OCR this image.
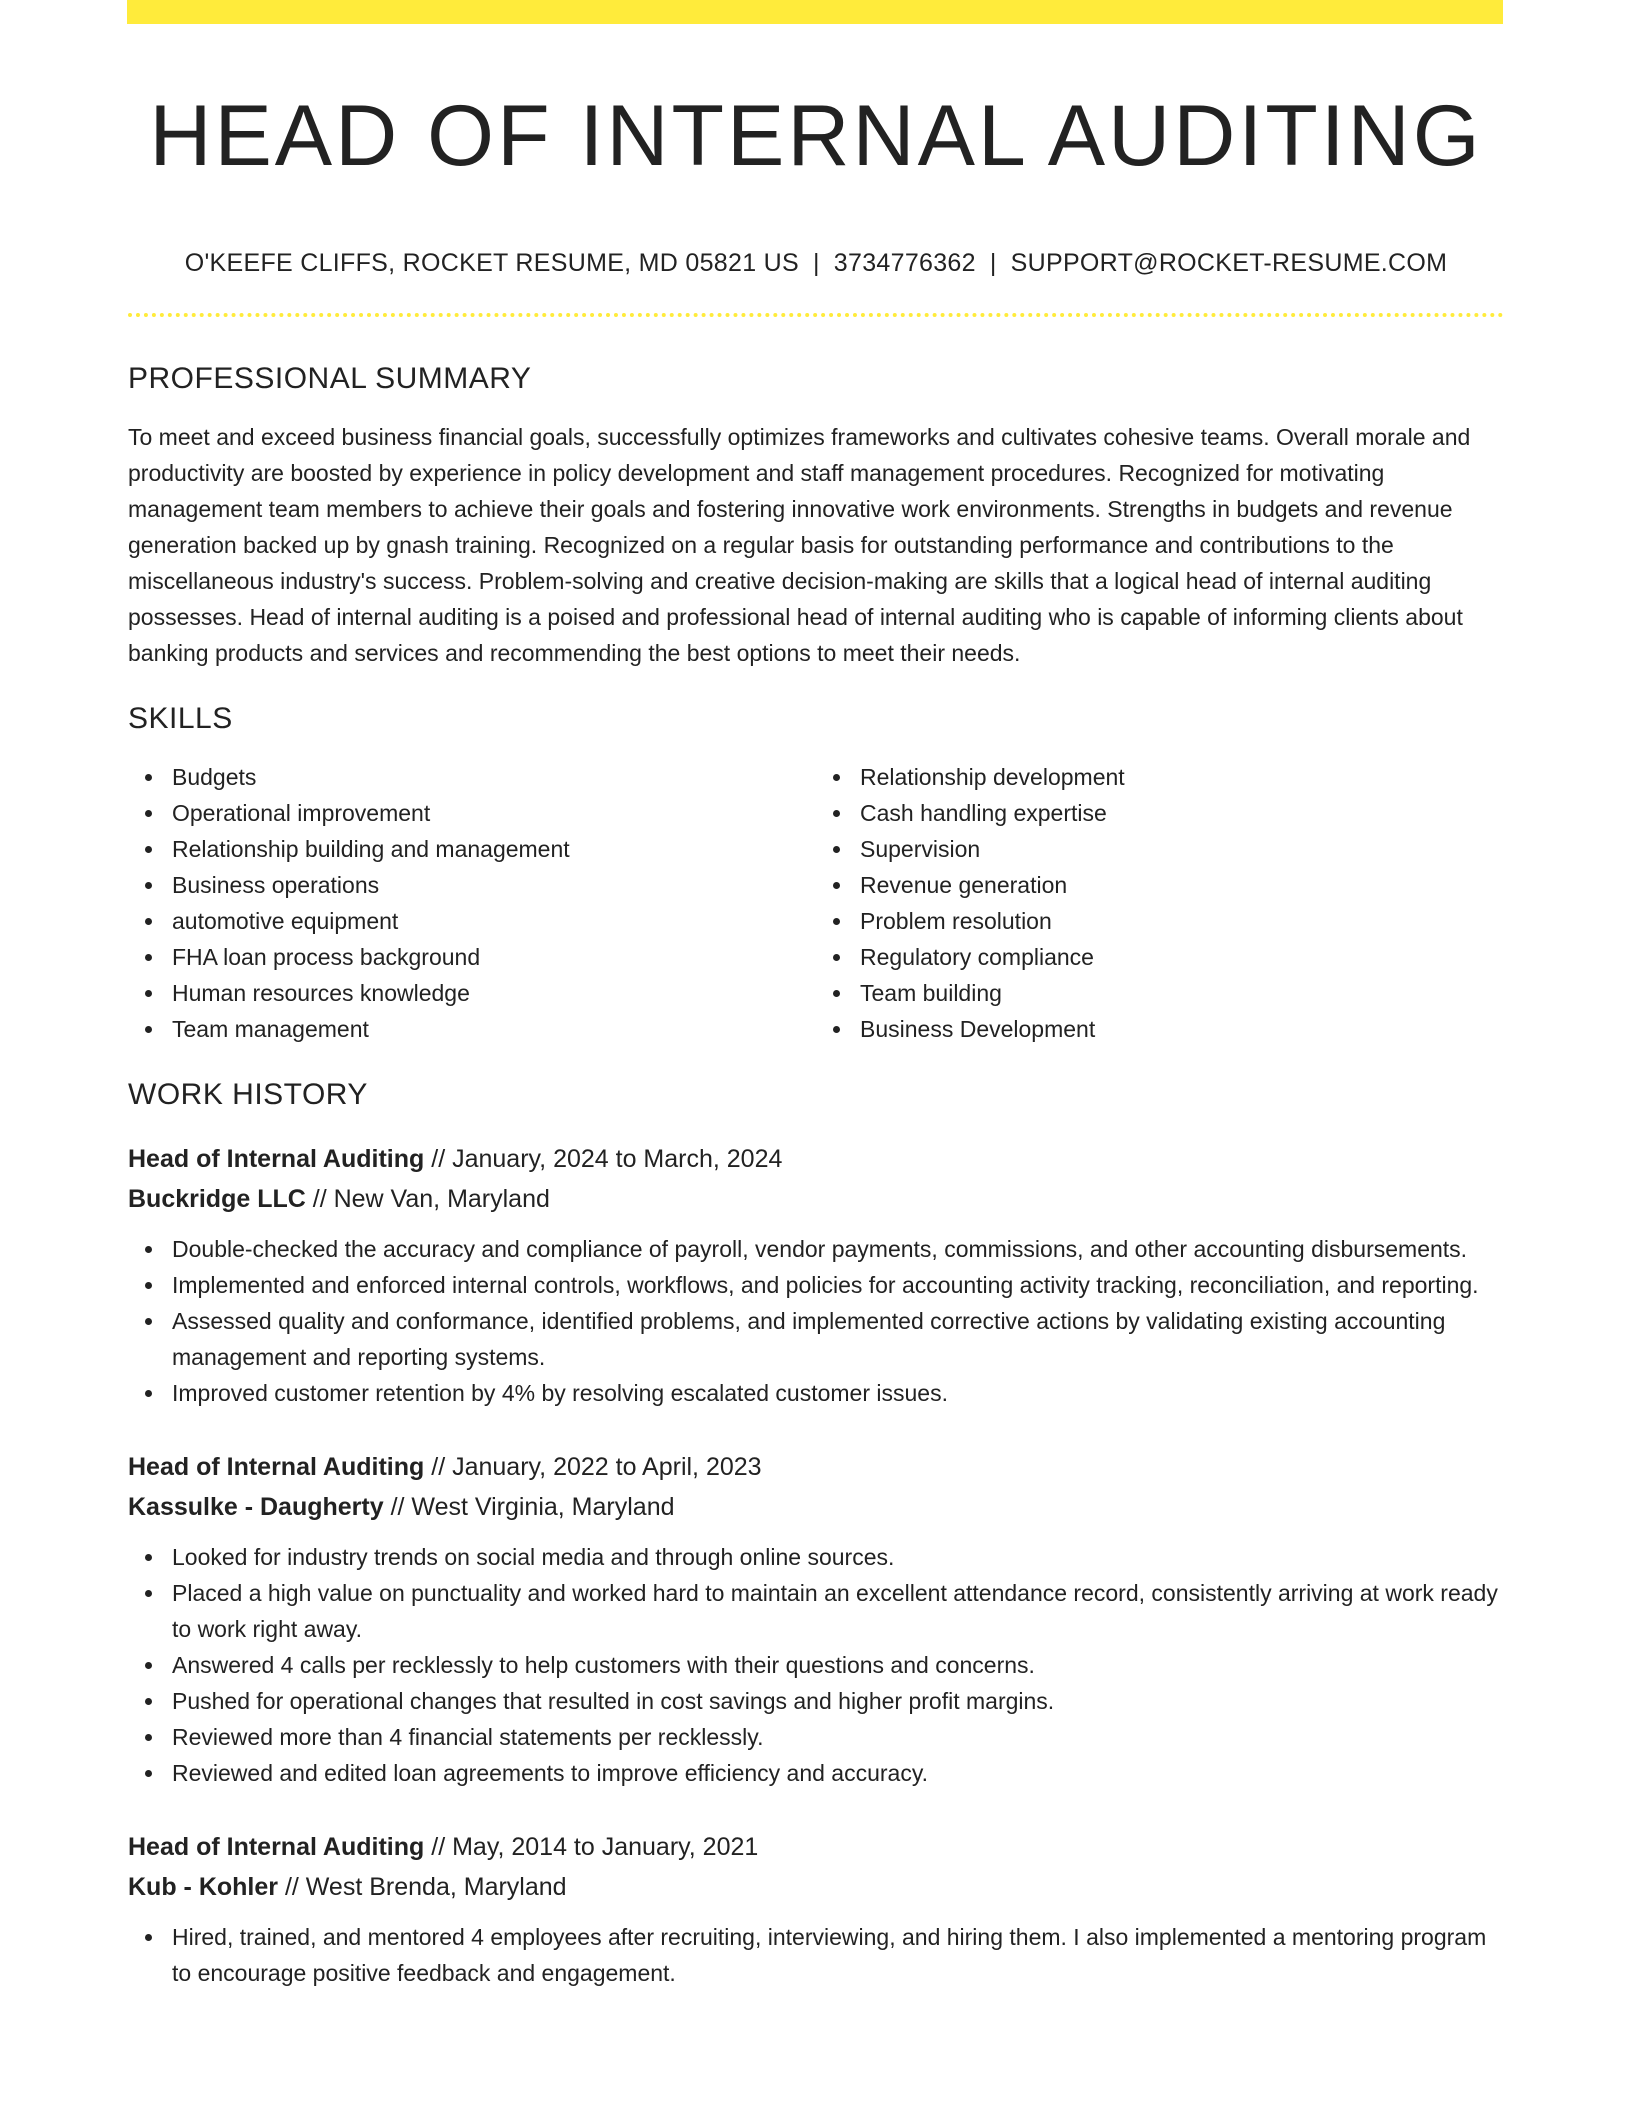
HEAD OF INTERNAL AUDITING
O'KEEFE CLIFFS, ROCKET RESUME, MD 05821 US | 3734776362 | SUPPORT@ROCKET-RESUME.COM
PROFESSIONAL SUMMARY

To meet and exceed business financial goals, successfully optimizes frameworks and cultivates cohesive teams. Overall morale and productivity are boosted by experience in policy development and staff management procedures. Recognized for motivating management team members to achieve their goals and fostering innovative work environments. Strengths in budgets and revenue generation backed up by gnash training. Recognized on a regular basis for outstanding performance and contributions to the miscellaneous industry's success. Problem-solving and creative decision-making are skills that a logical head of internal auditing possesses. Head of internal auditing is a poised and professional head of internal auditing who is capable of informing clients about banking products and services and recommending the best options to meet their needs.

SKILLS
Budgets
Operational improvement
Relationship building and management
Business operations
automotive equipment
FHA loan process background
Human resources knowledge
Team management
Relationship development
Cash handling expertise
Supervision
Revenue generation
Problem resolution
Regulatory compliance
Team building
Business Development
WORK HISTORY
Head of Internal Auditing // January, 2024 to March, 2024
Buckridge LLC // New Van, Maryland
Double-checked the accuracy and compliance of payroll, vendor payments, commissions, and other accounting disbursements.
Implemented and enforced internal controls, workflows, and policies for accounting activity tracking, reconciliation, and reporting.
Assessed quality and conformance, identified problems, and implemented corrective actions by validating existing accounting management and reporting systems.
Improved customer retention by 4% by resolving escalated customer issues.
Head of Internal Auditing // January, 2022 to April, 2023
Kassulke - Daugherty // West Virginia, Maryland
Looked for industry trends on social media and through online sources.
Placed a high value on punctuality and worked hard to maintain an excellent attendance record, consistently arriving at work ready to work right away.
Answered 4 calls per recklessly to help customers with their questions and concerns.
Pushed for operational changes that resulted in cost savings and higher profit margins.
Reviewed more than 4 financial statements per recklessly.
Reviewed and edited loan agreements to improve efficiency and accuracy.
Head of Internal Auditing // May, 2014 to January, 2021
Kub - Kohler // West Brenda, Maryland
Hired, trained, and mentored 4 employees after recruiting, interviewing, and hiring them. I also implemented a mentoring program to encourage positive feedback and engagement.
